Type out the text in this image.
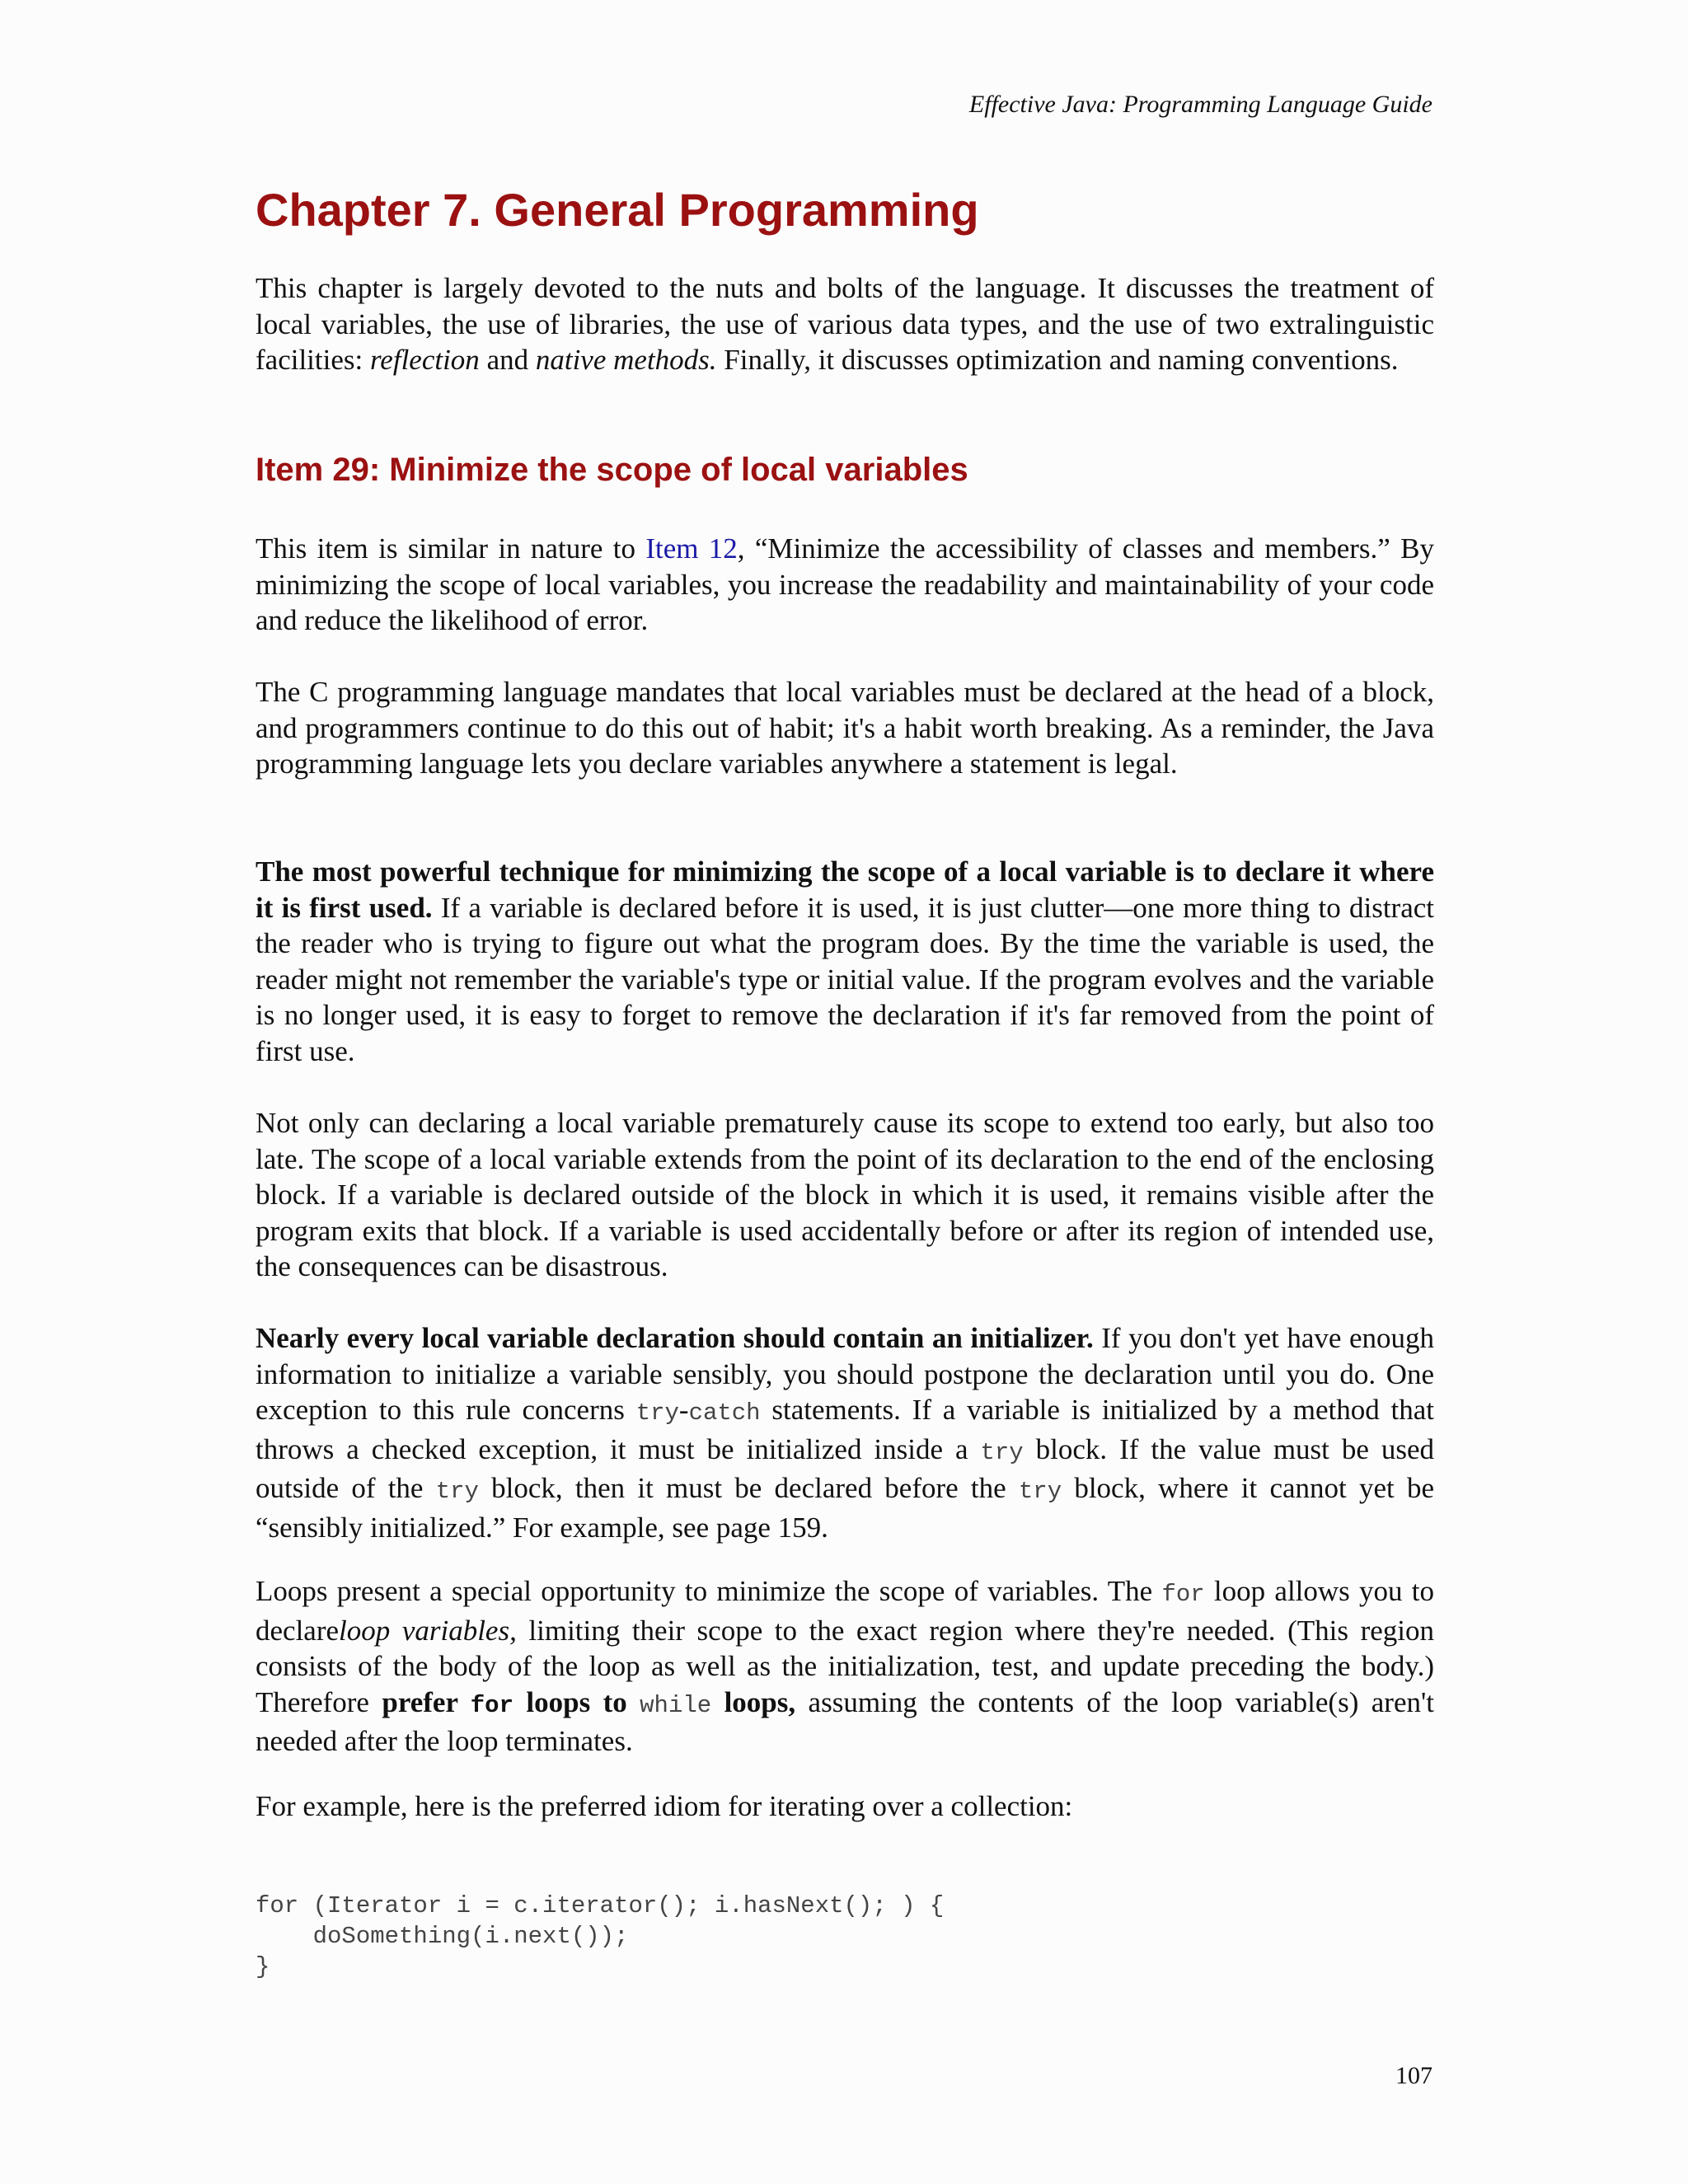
Effective Java: Programming Language Guide
Chapter 7. General Programming

This chapter is largely devoted to the nuts and bolts of the language. It discusses the treatment of local variables, the use of libraries, the use of various data types, and the use of two extralinguistic facilities: reflection and native methods. Finally, it discusses optimization and naming conventions.

Item 29: Minimize the scope of local variables

This item is similar in nature to Item 12, “Minimize the accessibility of classes and members.” By minimizing the scope of local variables, you increase the readability and maintainability of your code and reduce the likelihood of error.

The C programming language mandates that local variables must be declared at the head of a block, and programmers continue to do this out of habit; it's a habit worth breaking. As a reminder, the Java programming language lets you declare variables anywhere a statement is legal.

The most powerful technique for minimizing the scope of a local variable is to declare it where it is first used. If a variable is declared before it is used, it is just clutter—one more thing to distract the reader who is trying to figure out what the program does. By the time the variable is used, the reader might not remember the variable's type or initial value. If the program evolves and the variable is no longer used, it is easy to forget to remove the declaration if it's far removed from the point of first use.

Not only can declaring a local variable prematurely cause its scope to extend too early, but also too late. The scope of a local variable extends from the point of its declaration to the end of the enclosing block. If a variable is declared outside of the block in which it is used, it remains visible after the program exits that block. If a variable is used accidentally before or after its region of intended use, the consequences can be disastrous.

Nearly every local variable declaration should contain an initializer. If you don't yet have enough information to initialize a variable sensibly, you should postpone the declaration until you do. One exception to this rule concerns try-catch statements. If a variable is initialized by a method that throws a checked exception, it must be initialized inside a try block. If the value must be used outside of the try block, then it must be declared before the try block, where it cannot yet be “sensibly initialized.” For example, see page 159.

Loops present a special opportunity to minimize the scope of variables. The for loop allows you to declareloop variables, limiting their scope to the exact region where they're needed. (This region consists of the body of the loop as well as the initialization, test, and update preceding the body.) Therefore prefer for loops to while loops, assuming the contents of the loop variable(s) aren't needed after the loop terminates.

For example, here is the preferred idiom for iterating over a collection:

for (Iterator i = c.iterator(); i.hasNext(); ) {
doSomething(i.next());
}
107
